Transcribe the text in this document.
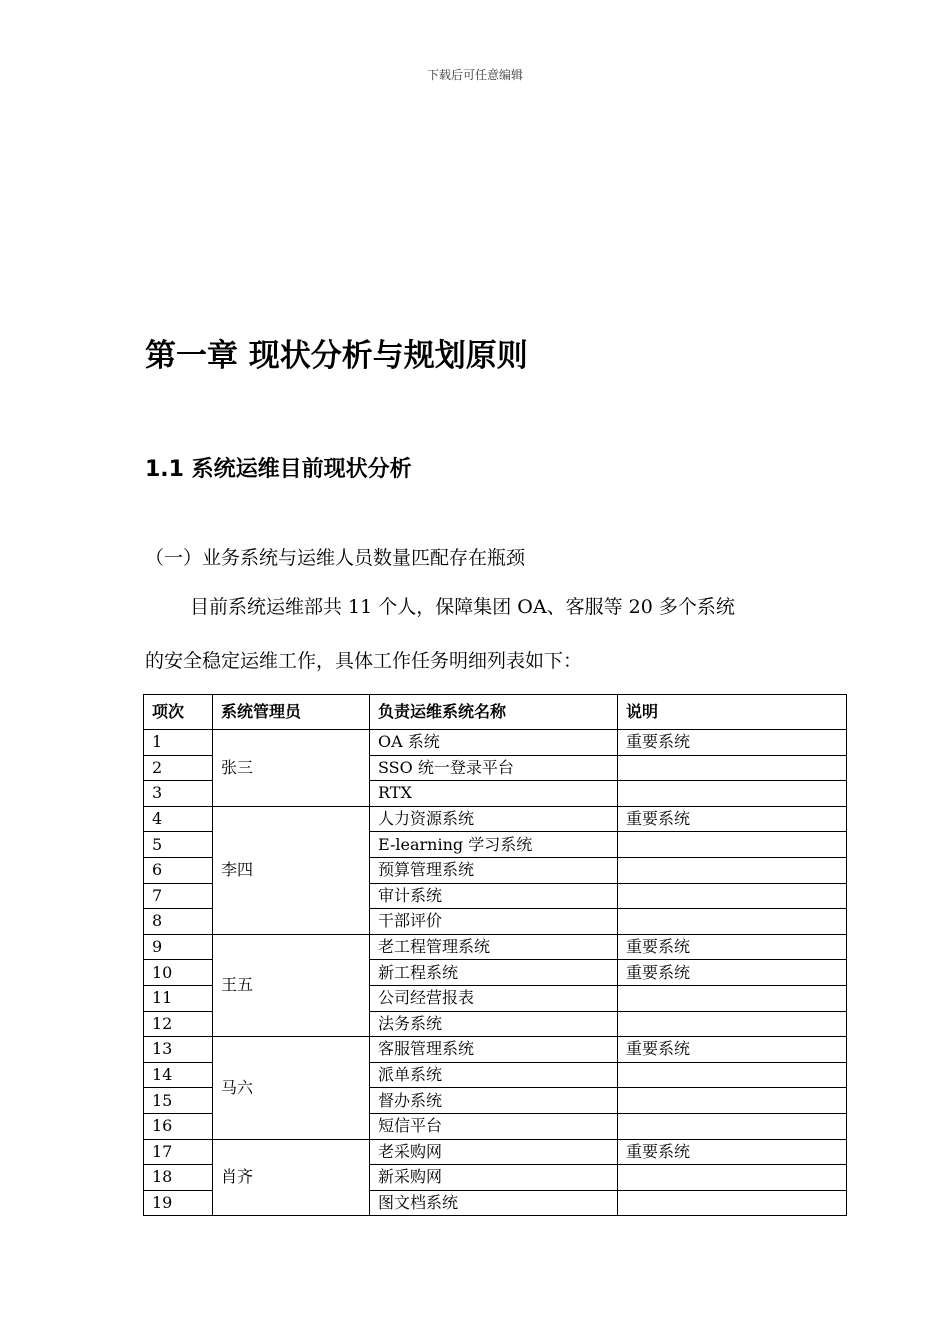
下载后可任意编辑
第一章 现状分析与规划原则
1.1 系统运维目前现状分析
（一）业务系统与运维人员数量匹配存在瓶颈
目前系统运维部共 11 个人，保障集团 OA、客服等 20 多个系统
的安全稳定运维工作，具体工作任务明细列表如下：
项次	系统管理员	负责运维系统名称	说明
1	张三	OA 系统	重要系统
2		SSO 统一登录平台	
3		RTX	
4	李四	人力资源系统	重要系统
5		E-learning 学习系统	
6		预算管理系统	
7		审计系统	
8		干部评价	
9	王五	老工程管理系统	重要系统
10		新工程系统	重要系统
11		公司经营报表	
12		法务系统	
13	马六	客服管理系统	重要系统
14		派单系统	
15		督办系统	
16		短信平台	
17	肖齐	老采购网	重要系统
18		新采购网	
19		图文档系统	
